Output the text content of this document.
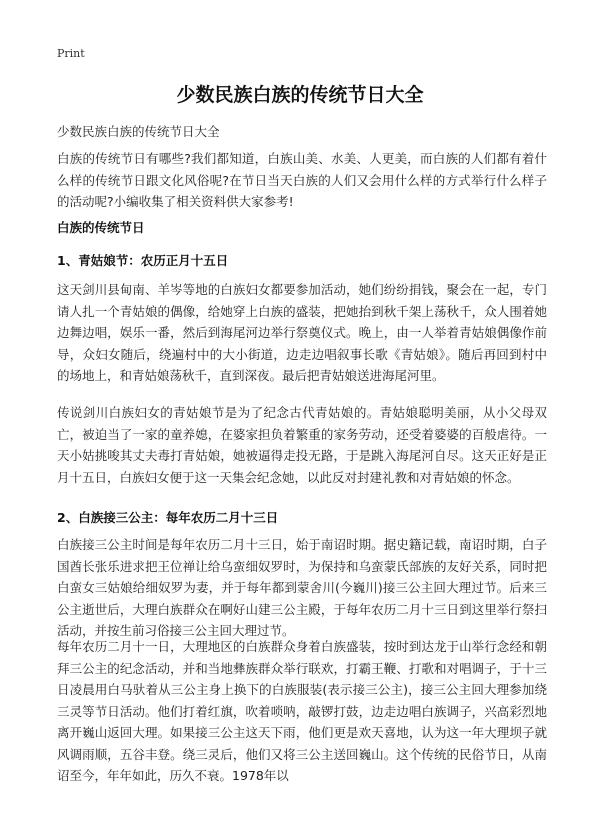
Print
少数民族白族的传统节日大全
少数民族白族的传统节日大全

白族的传统节日有哪些?我们都知道，白族山美、水美、人更美，而白族的人们都有着什么样的传统节日跟文化风俗呢?在节日当天白族的人们又会用什么样的方式举行什么样子的活动呢?小编收集了相关资料供大家参考!

白族的传统节日
1、青姑娘节：农历正月十五日

这天剑川县甸南、羊岑等地的白族妇女都要参加活动，她们纷纷捐钱，聚会在一起，专门请人扎一个青姑娘的偶像，给她穿上白族的盛装，把她抬到秋千架上荡秋千，众人围着她边舞边唱，娱乐一番，然后到海尾河边举行祭奠仪式。晚上，由一人举着青姑娘偶像作前导，众妇女随后，绕遍村中的大小街道，边走边唱叙事长歌《青姑娘》。随后再回到村中的场地上，和青姑娘荡秋千，直到深夜。最后把青姑娘送进海尾河里。

传说剑川白族妇女的青姑娘节是为了纪念古代青姑娘的。青姑娘聪明美丽，从小父母双亡，被迫当了一家的童养媳，在婆家担负着繁重的家务劳动，还受着婆婆的百般虐待。一天小姑挑唆其丈夫毒打青姑娘，她被逼得走投无路，于是跳入海尾河自尽。这天正好是正月十五日，白族妇女便于这一天集会纪念她，以此反对封建礼教和对青姑娘的怀念。

2、白族接三公主：每年农历二月十三日

白族接三公主时间是每年农历二月十三日，始于南诏时期。据史籍记载，南诏时期，白子国酋长张乐进求把王位禅让给乌蛮细奴罗时，为保持和乌蛮蒙氏部族的友好关系，同时把白蛮女三姑娘给细奴罗为妻，并于每年都到蒙舍川(今巍川)接三公主回大理过节。后来三公主逝世后，大理白族群众在啊好山建三公主殿，于每年农历二月十三日到这里举行祭扫活动，并按生前习俗接三公主回大理过节。

每年农历二月十一日，大理地区的白族群众身着白族盛装，按时到达龙于山举行念经和朝拜三公主的纪念活动，并和当地彝族群众举行联欢，打霸王鞭、打歌和对唱调子，于十三日凌晨用白马驮着从三公主身上换下的白族服装(表示接三公主)，接三公主回大理参加绕三灵等节日活动。他们打着红旗，吹着唢呐，敲锣打鼓，边走边唱白族调子，兴高彩烈地离开巍山返回大理。如果接三公主这天下雨，他们更是欢天喜地，认为这一年大理坝子就风调雨顺，五谷丰登。绕三灵后，他们又将三公主送回巍山。这个传统的民俗节日，从南诏至今，年年如此，历久不衰。1978年以
